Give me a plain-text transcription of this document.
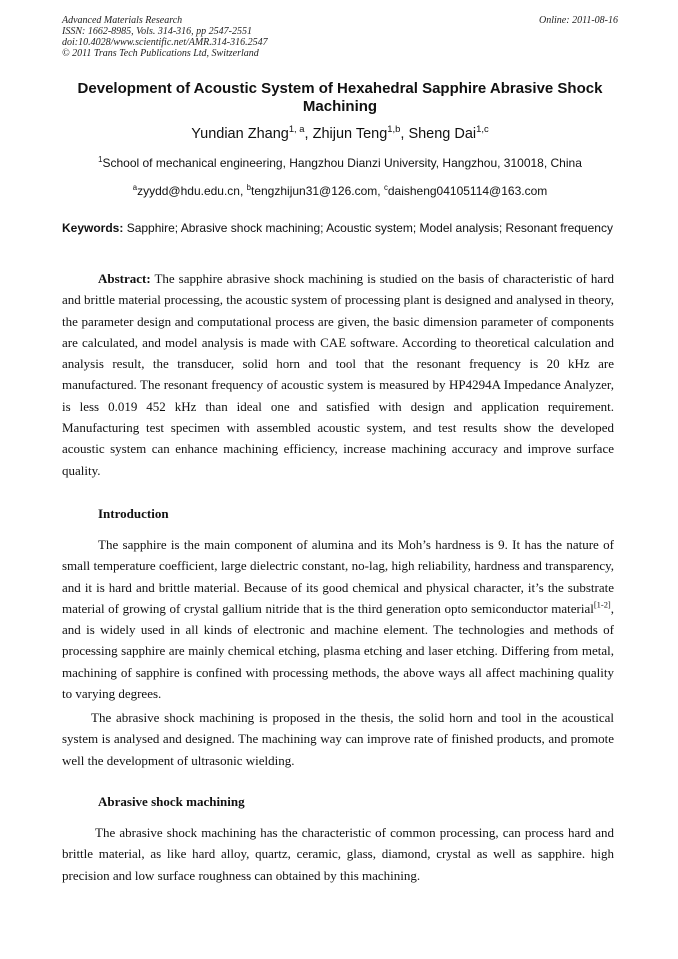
Advanced Materials Research	Online: 2011-08-16
ISSN: 1662-8985, Vols. 314-316, pp 2547-2551
doi:10.4028/www.scientific.net/AMR.314-316.2547
© 2011 Trans Tech Publications Ltd, Switzerland
Development of Acoustic System of Hexahedral Sapphire Abrasive Shock Machining
Yundian Zhang$^{1, a}$, Zhijun Teng$^{1,b}$, Sheng Dai$^{1,c}$
$^1$School of mechanical engineering, Hangzhou Dianzi University, Hangzhou, 310018, China
$^a$zyydd@hdu.edu.cn, $^b$tengzhijun31@126.com, $^c$daisheng04105114@163.com
Keywords: Sapphire; Abrasive shock machining; Acoustic system; Model analysis; Resonant frequency
Abstract: The sapphire abrasive shock machining is studied on the basis of characteristic of hard and brittle material processing, the acoustic system of processing plant is designed and analysed in theory, the parameter design and computational process are given, the basic dimension parameter of components are calculated, and model analysis is made with CAE software. According to theoretical calculation and analysis result, the transducer, solid horn and tool that the resonant frequency is 20 kHz are manufactured. The resonant frequency of acoustic system is measured by HP4294A Impedance Analyzer, is less 0.019 452 kHz than ideal one and satisfied with design and application requirement. Manufacturing test specimen with assembled acoustic system, and test results show the developed acoustic system can enhance machining efficiency, increase machining accuracy and improve surface quality.
Introduction
The sapphire is the main component of alumina and its Moh’s hardness is 9. It has the nature of small temperature coefficient, large dielectric constant, no-lag, high reliability, hardness and transparency, and it is hard and brittle material. Because of its good chemical and physical character, it’s the substrate material of growing of crystal gallium nitride that is the third generation opto semiconductor material[1-2], and is widely used in all kinds of electronic and machine element. The technologies and methods of processing sapphire are mainly chemical etching, plasma etching and laser etching. Differing from metal, machining of sapphire is confined with processing methods, the above ways all affect machining quality to varying degrees.
The abrasive shock machining is proposed in the thesis, the solid horn and tool in the acoustical system is analysed and designed. The machining way can improve rate of finished products, and promote well the development of ultrasonic wielding.
Abrasive shock machining
The abrasive shock machining has the characteristic of common processing, can process hard and brittle material, as like hard alloy, quartz, ceramic, glass, diamond, crystal as well as sapphire. high precision and low surface roughness can obtained by this machining.
